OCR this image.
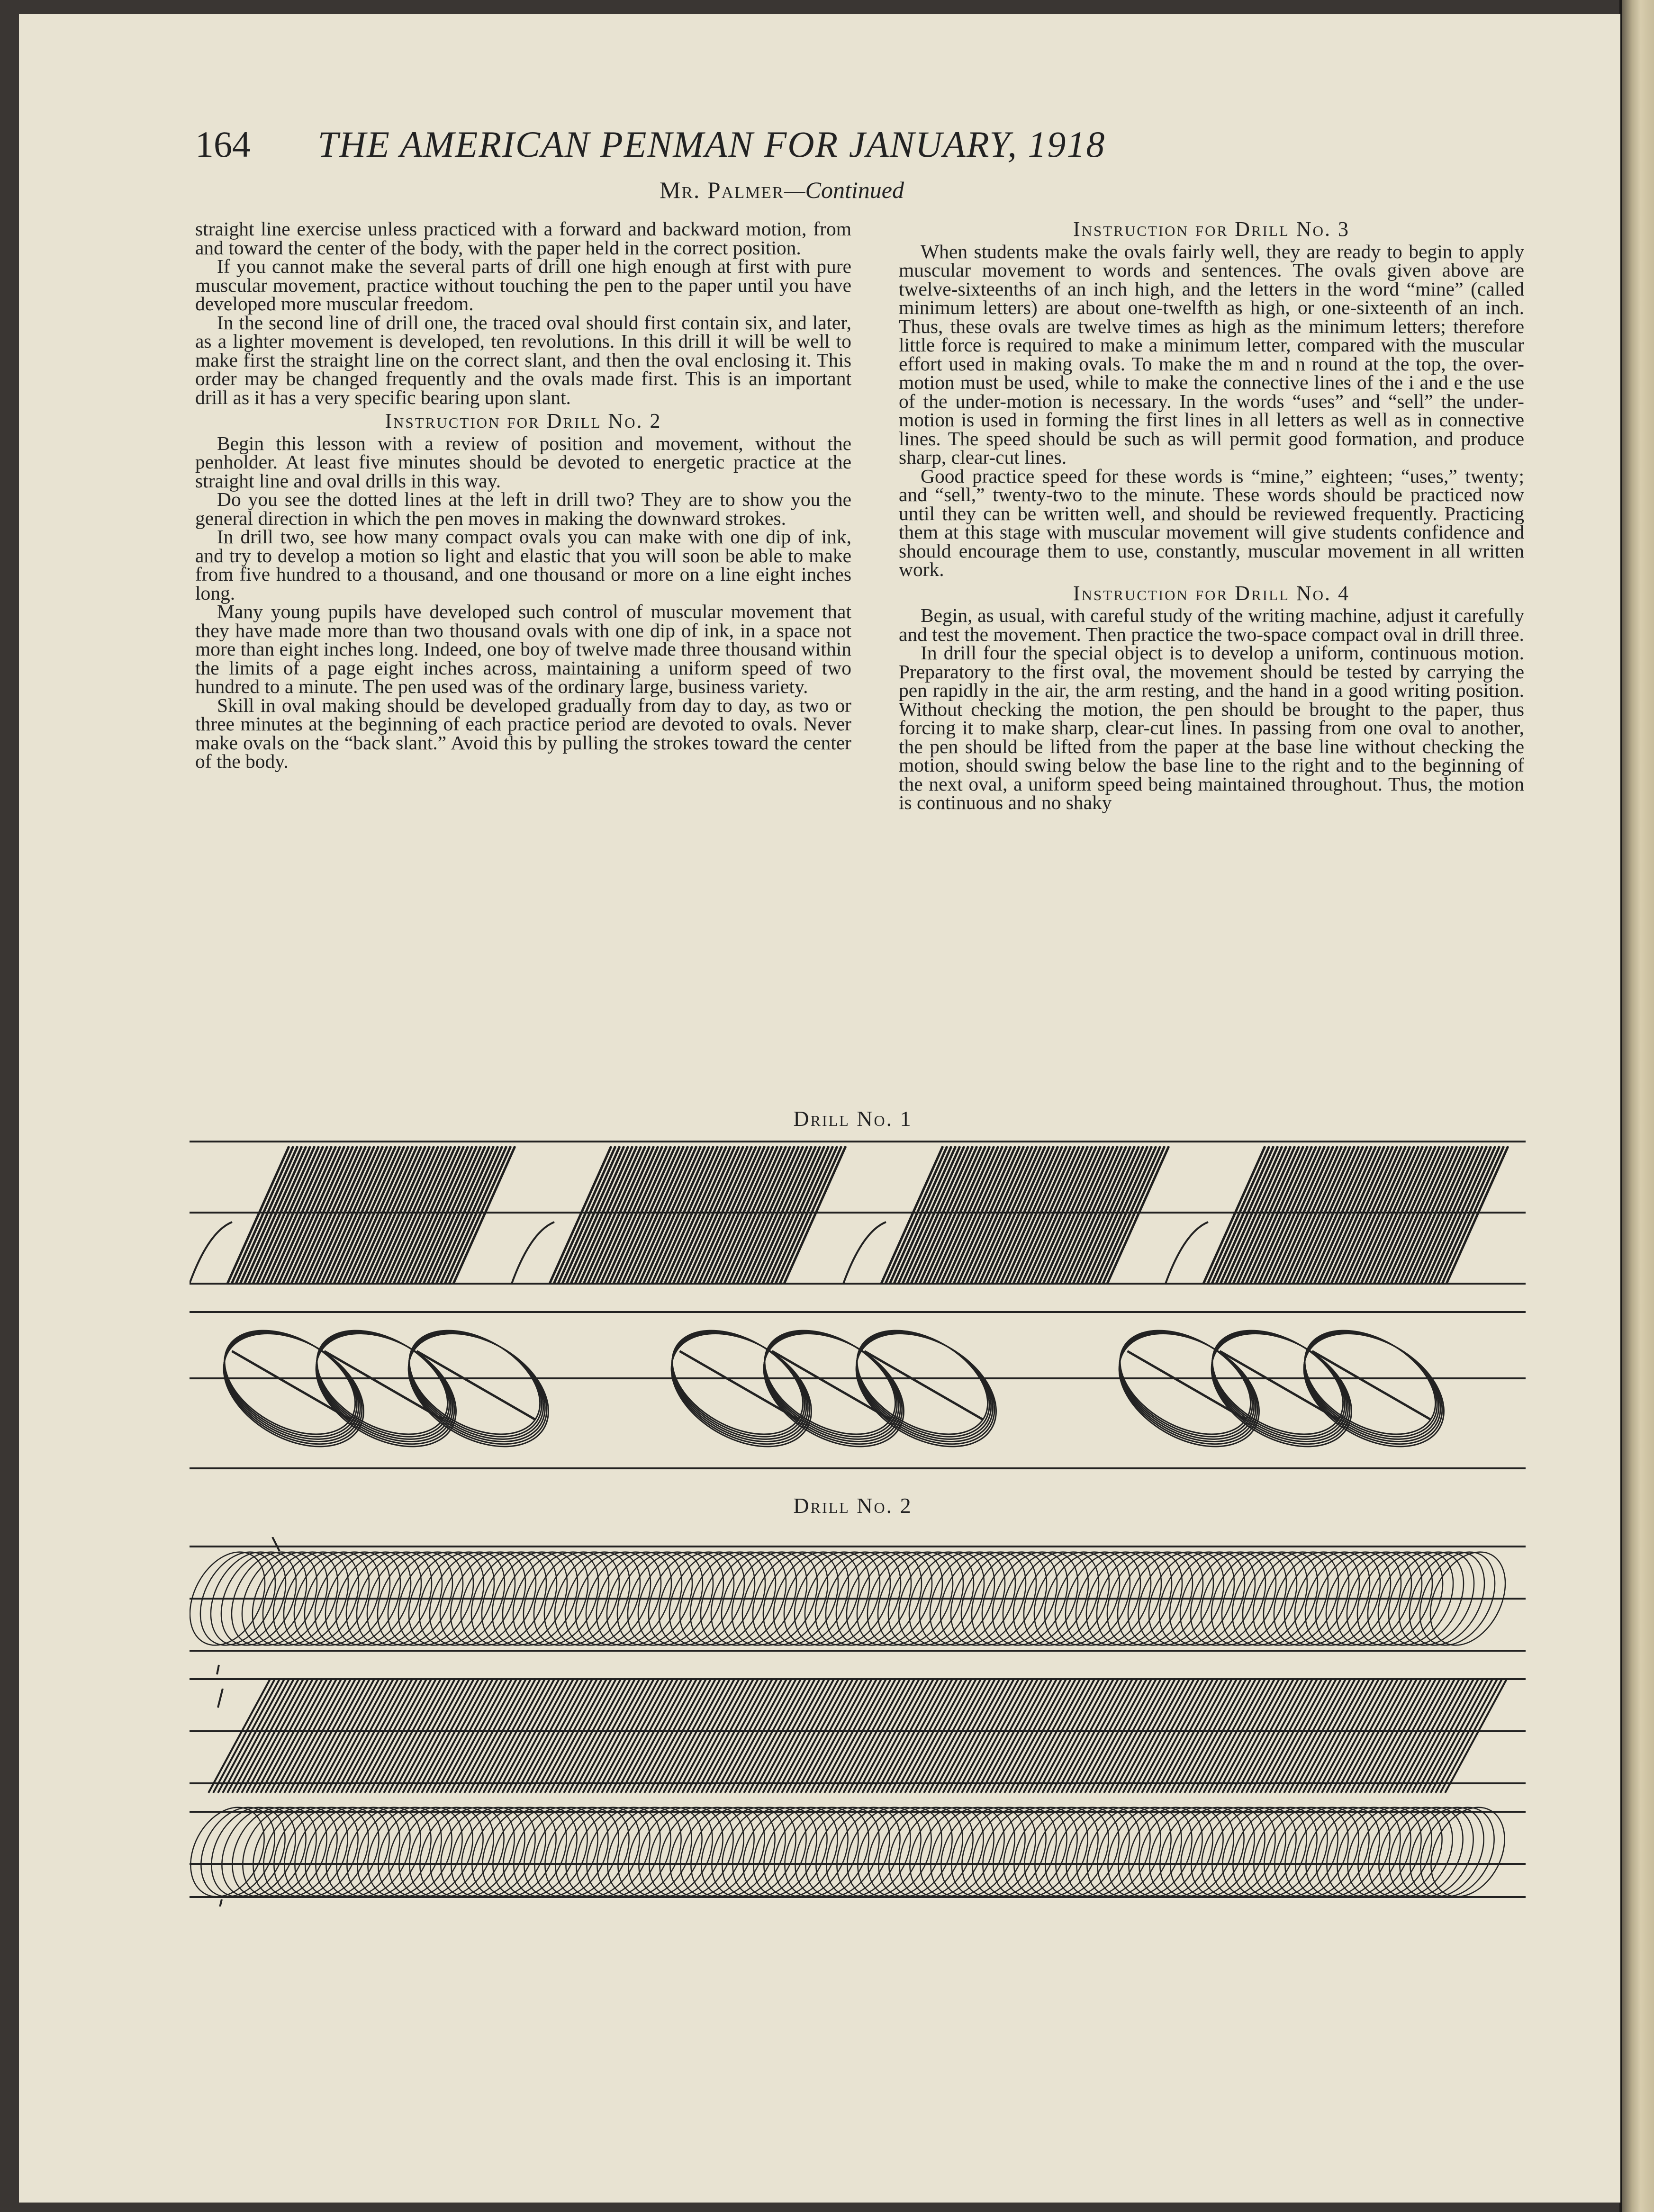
164	THE AMERICAN PENMAN FOR JANUARY, 1918
Mr. Palmer—Continued

straight line exercise unless practiced with a forward and backward motion, from and toward the center of the body, with the paper held in the correct position.

If you cannot make the several parts of drill one high enough at first with pure muscular movement, practice without touching the pen to the paper until you have developed more muscular freedom.

In the second line of drill one, the traced oval should first contain six, and later, as a lighter movement is developed, ten revolutions. In this drill it will be well to make first the straight line on the correct slant, and then the oval enclosing it. This order may be changed frequently and the ovals made first. This is an important drill as it has a very specific bearing upon slant.

Instruction for Drill No. 2

Begin this lesson with a review of position and movement, without the penholder. At least five minutes should be devoted to energetic practice at the straight line and oval drills in this way.

Do you see the dotted lines at the left in drill two? They are to show you the general direction in which the pen moves in making the downward strokes.

In drill two, see how many compact ovals you can make with one dip of ink, and try to develop a motion so light and elastic that you will soon be able to make from five hundred to a thousand, and one thousand or more on a line eight inches long.

Many young pupils have developed such control of muscular movement that they have made more than two thousand ovals with one dip of ink, in a space not more than eight inches long. Indeed, one boy of twelve made three thousand within the limits of a page eight inches across, maintaining a uniform speed of two hundred to a minute. The pen used was of the ordinary large, business variety.

Skill in oval making should be developed gradually from day to day, as two or three minutes at the beginning of each practice period are devoted to ovals. Never make ovals on the “back slant.” Avoid this by pulling the strokes toward the center of the body.

Instruction for Drill No. 3

When students make the ovals fairly well, they are ready to begin to apply muscular movement to words and sentences. The ovals given above are twelve-sixteenths of an inch high, and the letters in the word “mine” (called minimum letters) are about one-twelfth as high, or one-sixteenth of an inch. Thus, these ovals are twelve times as high as the minimum letters; therefore little force is required to make a minimum letter, compared with the muscular effort used in making ovals. To make the m and n round at the top, the over-motion must be used, while to make the connective lines of the i and e the use of the under-motion is necessary. In the words “uses” and “sell” the under-motion is used in forming the first lines in all letters as well as in connective lines. The speed should be such as will permit good formation, and produce sharp, clear-cut lines.

Good practice speed for these words is “mine,” eighteen; “uses,” twenty; and “sell,” twenty-two to the minute. These words should be practiced now until they can be written well, and should be reviewed frequently. Practicing them at this stage with muscular movement will give students confidence and should encourage them to use, constantly, muscular movement in all written work.

Instruction for Drill No. 4

Begin, as usual, with careful study of the writing machine, adjust it carefully and test the movement. Then practice the two-space compact oval in drill three.

In drill four the special object is to develop a uniform, continuous motion. Preparatory to the first oval, the movement should be tested by carrying the pen rapidly in the air, the arm resting, and the hand in a good writing position. Without checking the motion, the pen should be brought to the paper, thus forcing it to make sharp, clear-cut lines. In passing from one oval to another, the pen should be lifted from the paper at the base line without checking the motion, should swing below the base line to the right and to the beginning of the next oval, a uniform speed being maintained throughout. Thus, the motion is continuous and no shaky

Drill No. 1
Drill No. 2
